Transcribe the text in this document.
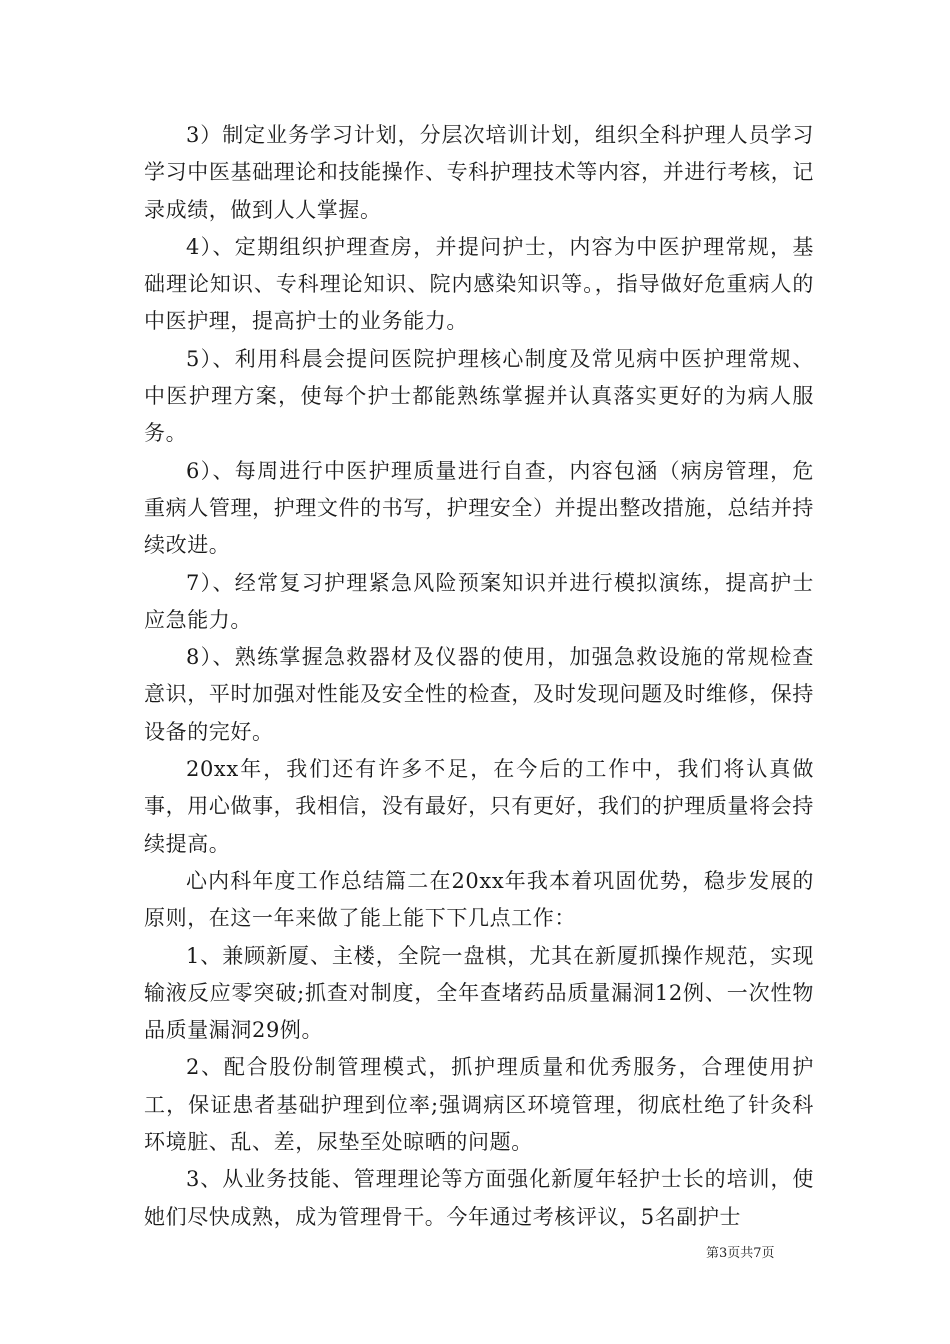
3）制定业务学习计划，分层次培训计划，组织全科护理人员学习学习中医基础理论和技能操作、专科护理技术等内容，并进行考核，记录成绩，做到人人掌握。

4）、定期组织护理查房，并提问护士，内容为中医护理常规，基础理论知识、专科理论知识、院内感染知识等。，指导做好危重病人的中医护理，提高护士的业务能力。

5）、利用科晨会提问医院护理核心制度及常见病中医护理常规、中医护理方案，使每个护士都能熟练掌握并认真落实更好的为病人服务。

6）、每周进行中医护理质量进行自查，内容包涵（病房管理，危重病人管理，护理文件的书写，护理安全）并提出整改措施，总结并持续改进。

7）、经常复习护理紧急风险预案知识并进行模拟演练，提高护士应急能力。

8）、熟练掌握急救器材及仪器的使用，加强急救设施的常规检查意识，平时加强对性能及安全性的检查，及时发现问题及时维修，保持设备的完好。

20xx年，我们还有许多不足，在今后的工作中，我们将认真做事，用心做事，我相信，没有最好，只有更好，我们的护理质量将会持续提高。

心内科年度工作总结篇二在20xx年我本着巩固优势，稳步发展的原则，在这一年来做了能上能下下几点工作：

1、兼顾新厦、主楼，全院一盘棋，尤其在新厦抓操作规范，实现输液反应零突破;抓查对制度，全年查堵药品质量漏洞12例、一次性物品质量漏洞29例。

2、配合股份制管理模式，抓护理质量和优秀服务，合理使用护工，保证患者基础护理到位率;强调病区环境管理，彻底杜绝了针灸科环境脏、乱、差，尿垫至处晾晒的问题。

3、从业务技能、管理理论等方面强化新厦年轻护士长的培训，使她们尽快成熟，成为管理骨干。今年通过考核评议，5名副护士

第3页共7页
